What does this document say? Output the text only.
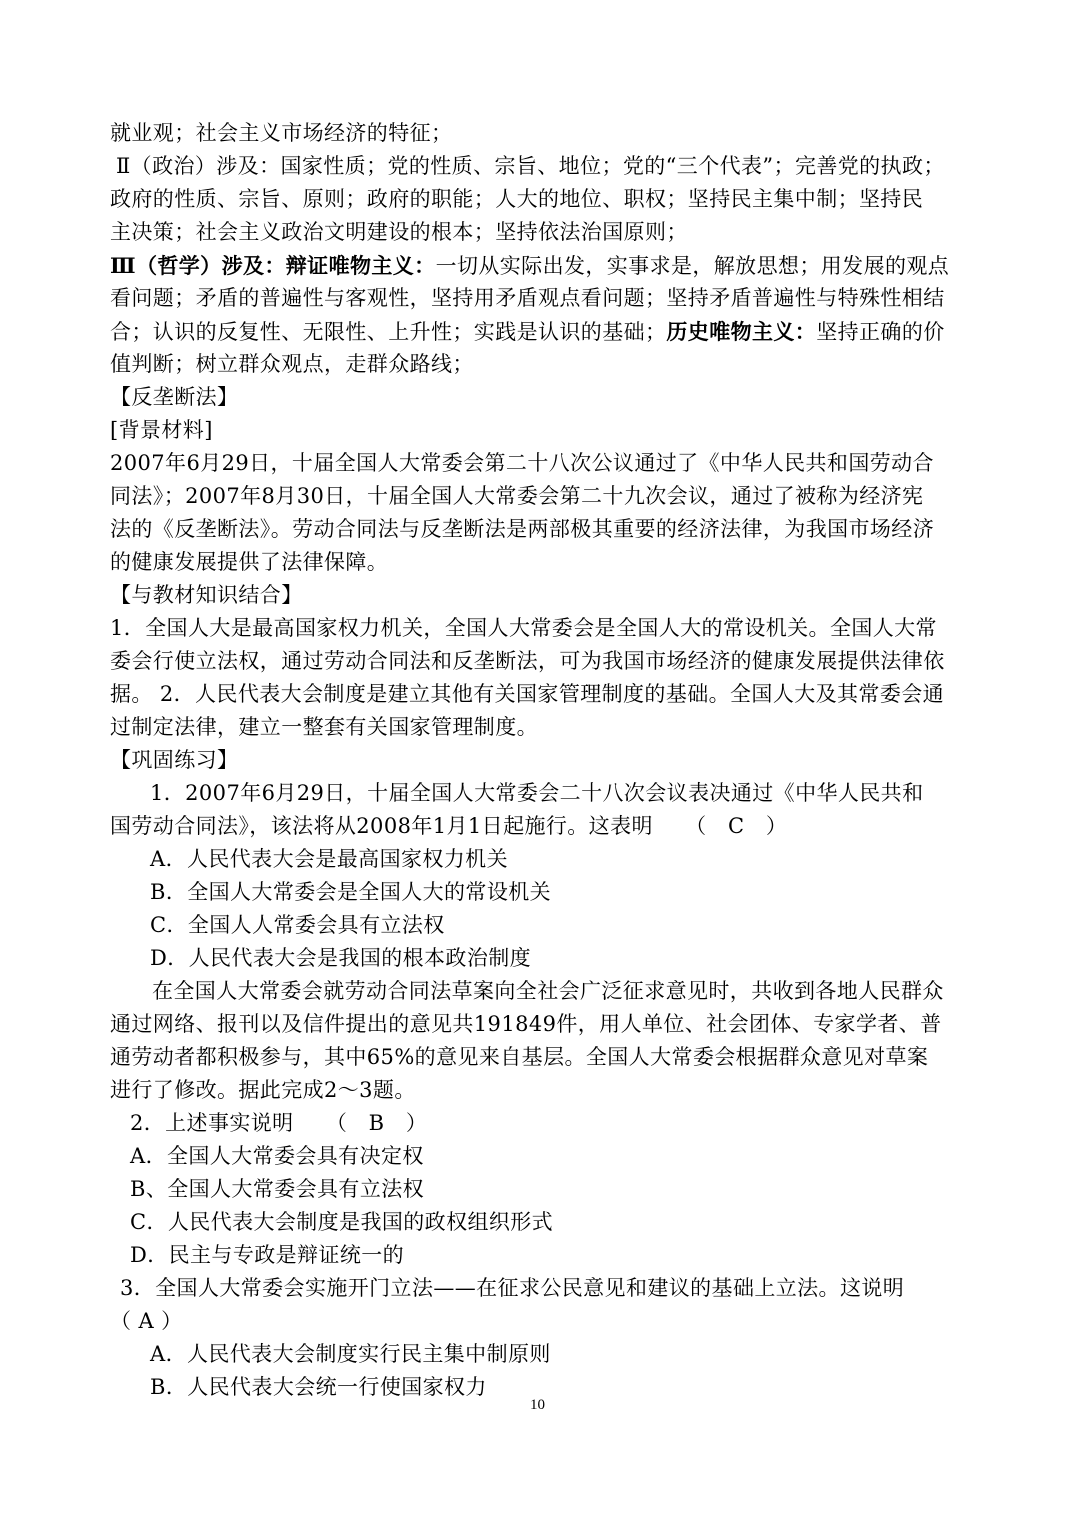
就业观；社会主义市场经济的特征；
Ⅱ（政治）涉及：国家性质；党的性质、宗旨、地位；党的“三个代表”；完善党的执政；
政府的性质、宗旨、原则；政府的职能；人大的地位、职权；坚持民主集中制；坚持民
主决策；社会主义政治文明建设的根本；坚持依法治国原则；
Ⅲ（哲学）涉及：辩证唯物主义：一切从实际出发，实事求是，解放思想；用发展的观点
看问题；矛盾的普遍性与客观性，坚持用矛盾观点看问题；坚持矛盾普遍性与特殊性相结
合；认识的反复性、无限性、上升性；实践是认识的基础；历史唯物主义：坚持正确的价
值判断；树立群众观点，走群众路线；
【反垄断法】
[背景材料]
2007年6月29日，十届全国人大常委会第二十八次公议通过了《中华人民共和国劳动合
同法》；2007年8月30日，十届全国人大常委会第二十九次会议，通过了被称为经济宪
法的《反垄断法》。劳动合同法与反垄断法是两部极其重要的经济法律，为我国市场经济
的健康发展提供了法律保障。
【与教材知识结合】
1．全国人大是最高国家权力机关，全国人大常委会是全国人大的常设机关。全国人大常
委会行使立法权，通过劳动合同法和反垄断法，可为我国市场经济的健康发展提供法律依
据。 2．人民代表大会制度是建立其他有关国家管理制度的基础。全国人大及其常委会通
过制定法律，建立一整套有关国家管理制度。
【巩固练习】
1．2007年6月29日，十届全国人大常委会二十八次会议表决通过《中华人民共和
国劳动合同法》，该法将从2008年1月1日起施行。这表明　　（　C　）
A．人民代表大会是最高国家权力机关
B．全国人大常委会是全国人大的常设机关
C．全国人人常委会具有立法权
D．人民代表大会是我国的根本政治制度
在全国人大常委会就劳动合同法草案向全社会广泛征求意见时，共收到各地人民群众
通过网络、报刊以及信件提出的意见共191849件，用人单位、社会团体、专家学者、普
通劳动者都积极参与，其中65%的意见来自基层。全国人大常委会根据群众意见对草案
进行了修改。据此完成2～3题。
2．上述事实说明　　（　B　）
A．全国人大常委会具有决定权
B、全国人大常委会具有立法权
C．人民代表大会制度是我国的政权组织形式
D．民主与专政是辩证统一的
3．全国人大常委会实施开门立法——在征求公民意见和建议的基础上立法。这说明
（ A ）
A．人民代表大会制度实行民主集中制原则
B．人民代表大会统一行使国家权力
10
